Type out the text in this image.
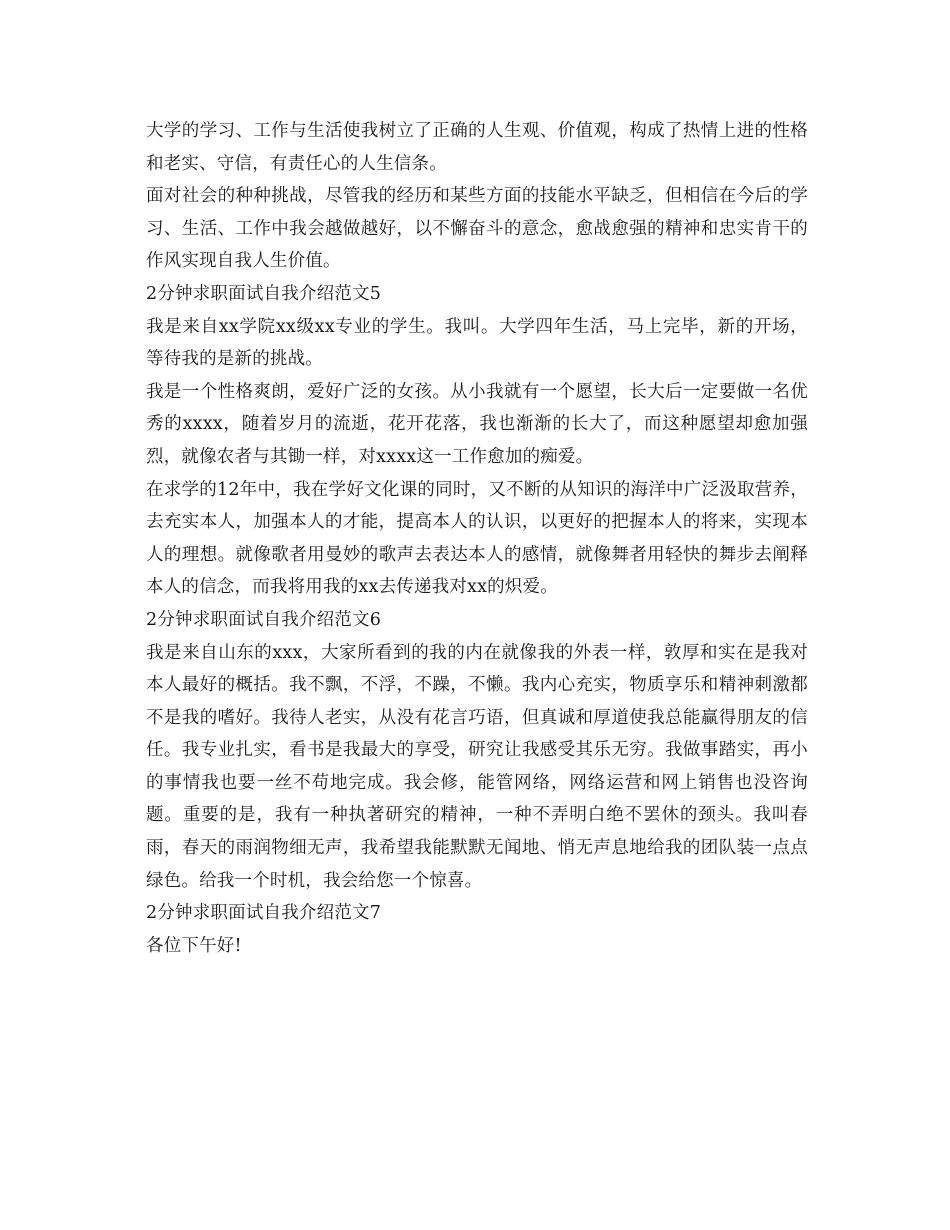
大学的学习、工作与生活使我树立了正确的人生观、价值观，构成了热情上进的性格和老实、守信，有责任心的人生信条。

面对社会的种种挑战，尽管我的经历和某些方面的技能水平缺乏，但相信在今后的学习、生活、工作中我会越做越好，以不懈奋斗的意念，愈战愈强的精神和忠实肯干的作风实现自我人生价值。

2分钟求职面试自我介绍范文5

我是来自xx学院xx级xx专业的学生。我叫。大学四年生活，马上完毕，新的开场，等待我的是新的挑战。

我是一个性格爽朗，爱好广泛的女孩。从小我就有一个愿望，长大后一定要做一名优秀的xxxx，随着岁月的流逝，花开花落，我也渐渐的长大了，而这种愿望却愈加强烈，就像农者与其锄一样，对xxxx这一工作愈加的痴爱。

在求学的12年中，我在学好文化课的同时，又不断的从知识的海洋中广泛汲取营养，去充实本人，加强本人的才能，提高本人的认识，以更好的把握本人的将来，实现本人的理想。就像歌者用曼妙的歌声去表达本人的感情，就像舞者用轻快的舞步去阐释本人的信念，而我将用我的xx去传递我对xx的炽爱。

2分钟求职面试自我介绍范文6

我是来自山东的xxx，大家所看到的我的内在就像我的外表一样，敦厚和实在是我对本人最好的概括。我不飘，不浮，不躁，不懒。我内心充实，物质享乐和精神刺激都不是我的嗜好。我待人老实，从没有花言巧语，但真诚和厚道使我总能赢得朋友的信任。我专业扎实，看书是我最大的享受，研究让我感受其乐无穷。我做事踏实，再小的事情我也要一丝不苟地完成。我会修，能管网络，网络运营和网上销售也没咨询题。重要的是，我有一种执著研究的精神，一种不弄明白绝不罢休的颈头。我叫春雨，春天的雨润物细无声，我希望我能默默无闻地、悄无声息地给我的团队装一点点绿色。给我一个时机，我会给您一个惊喜。

2分钟求职面试自我介绍范文7

各位下午好!
